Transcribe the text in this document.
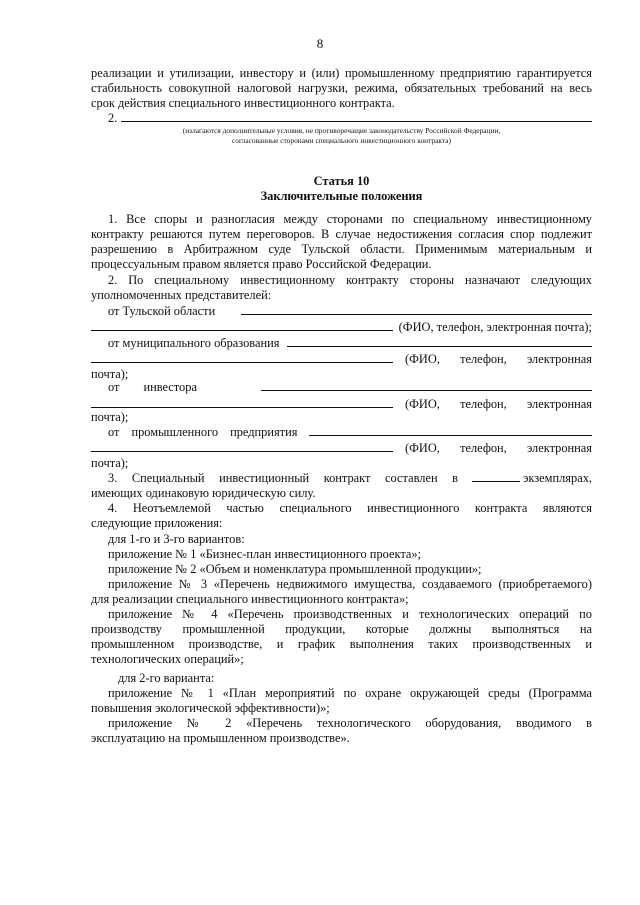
8
реализации и утилизации, инвестору и (или) промышленному предприятию гарантируется
стабильность совокупной налоговой нагрузки, режима, обязательных требований на весь
срок действия специального инвестиционного контракта.
2.
(излагаются дополнительные условия, не противоречащие законодательству Российской Федерации,
согласованные сторонами специального инвестиционного контракта)
Статья 10
Заключительные положения
1. Все споры и разногласия между сторонами по специальному инвестиционному
контракту решаются путем переговоров. В случае недостижения согласия спор подлежит
разрешению в Арбитражном суде Тульской области. Применимым материальным и
процессуальным правом является право Российской Федерации.
2. По специальному инвестиционному контракту стороны назначают следующих
уполномоченных представителей:
от Тульской области
(ФИО, телефон, электронная почта);
от муниципального образования
(ФИО, телефон, электронная
почта);
от инвестора
(ФИО, телефон, электронная
почта);
от промышленного предприятия
(ФИО, телефон, электронная
почта);
3. Специальный инвестиционный контракт составлен в	экземплярах,
имеющих одинаковую юридическую силу.
4. Неотъемлемой частью специального инвестиционного контракта являются
следующие приложения:
для 1-го и 3-го вариантов:
приложение № 1 «Бизнес-план инвестиционного проекта»;
приложение № 2 «Объем и номенклатура промышленной продукции»;
приложение № 3 «Перечень недвижимого имущества, создаваемого (приобретаемого)
для реализации специального инвестиционного контракта»;
приложение № 4 «Перечень производственных и технологических операций по
производству промышленной продукции, которые должны выполняться на
промышленном производстве, и график выполнения таких производственных и
технологических операций»;
для 2-го варианта:
приложение № 1 «План мероприятий по охране окружающей среды (Программа
повышения экологической эффективности)»;
приложение № 2 «Перечень технологического оборудования, вводимого в
эксплуатацию на промышленном производстве».
